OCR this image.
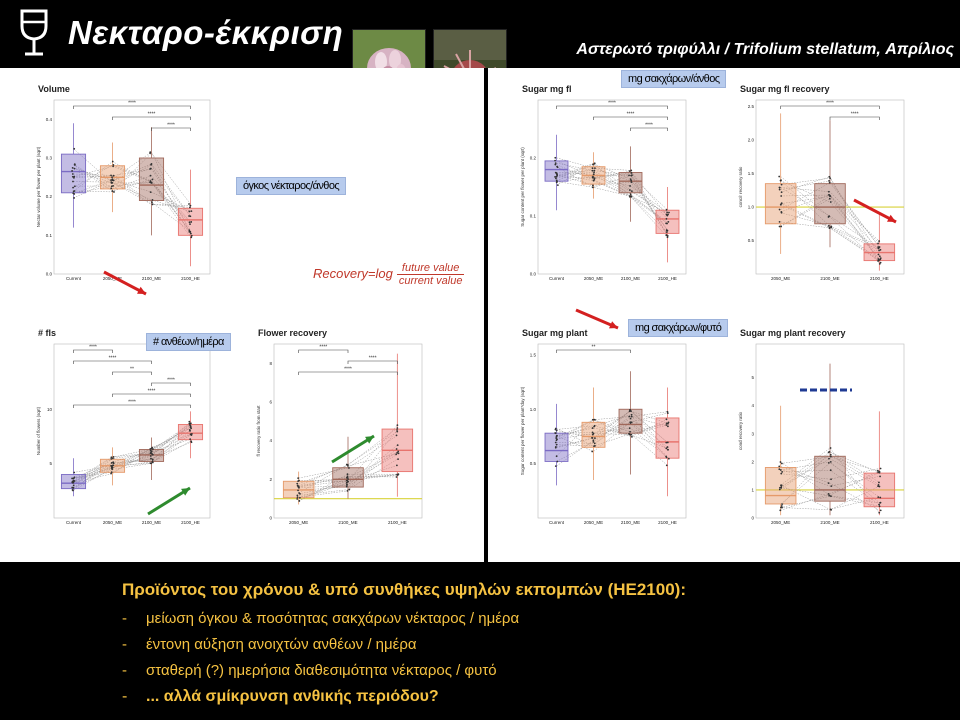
Νεκταρο-έκκριση	Αστερωτό τριφύλλι / Trifolium stellatum, Απρίλιος
Volume
Nectar volume per flower per plant (sqrt)
0.0
0.1
0.2
0.3
0.4
Current	2050_ME	2100_ME	2100_HE
****
****
****
# fls
Number of flowers (sqrt)
5
10
Current	2050_ME	2100_ME	2100_HE
****
****
**
****
****
****
Flower recovery
fl recovery ratio from start
0
2
4
6
8
2050_ME	2100_ME	2100_HE
****
****
****
Sugar mg fl
Sugar content per flower per plant (sqrt)
0.0
0.1
0.2
Current	2050_ME	2100_ME	2100_HE
****
****
****
Sugar mg fl recovery
conc/r recovery ratio
0.5
1.0
1.5
2.0
2.5
2050_ME	2100_ME	2100_HE
****
****
Sugar mg plant
Sugar content per flower per plant*day (sqrt) 0.5
1.0
1.5
Current	2050_ME	2100_ME	2100_HE
**
Sugar mg plant recovery
cond recovery ratio
0
1
2
3
4
5
2050_ME	2100_ME	2100_HE
όγκος νέκταρος/άνθος
# ανθέων/ημέρα
mg σακχάρων/άνθος
mg σακχάρων/φυτό
Recovery=log $\frac{\text{future value}}{\text{current value}}$
Προϊόντος του χρόνου & υπό συνθήκες υψηλών εκπομπών (ΗΕ2100):
- μείωση όγκου & ποσότητας σακχάρων νέκταρος / ημέρα
- έντονη αύξηση ανοιχτών ανθέων / ημέρα
- σταθερή (?) ημερήσια διαθεσιμότητα νέκταρος / φυτό
- ... αλλά σμίκρυνση ανθικής περιόδου?
